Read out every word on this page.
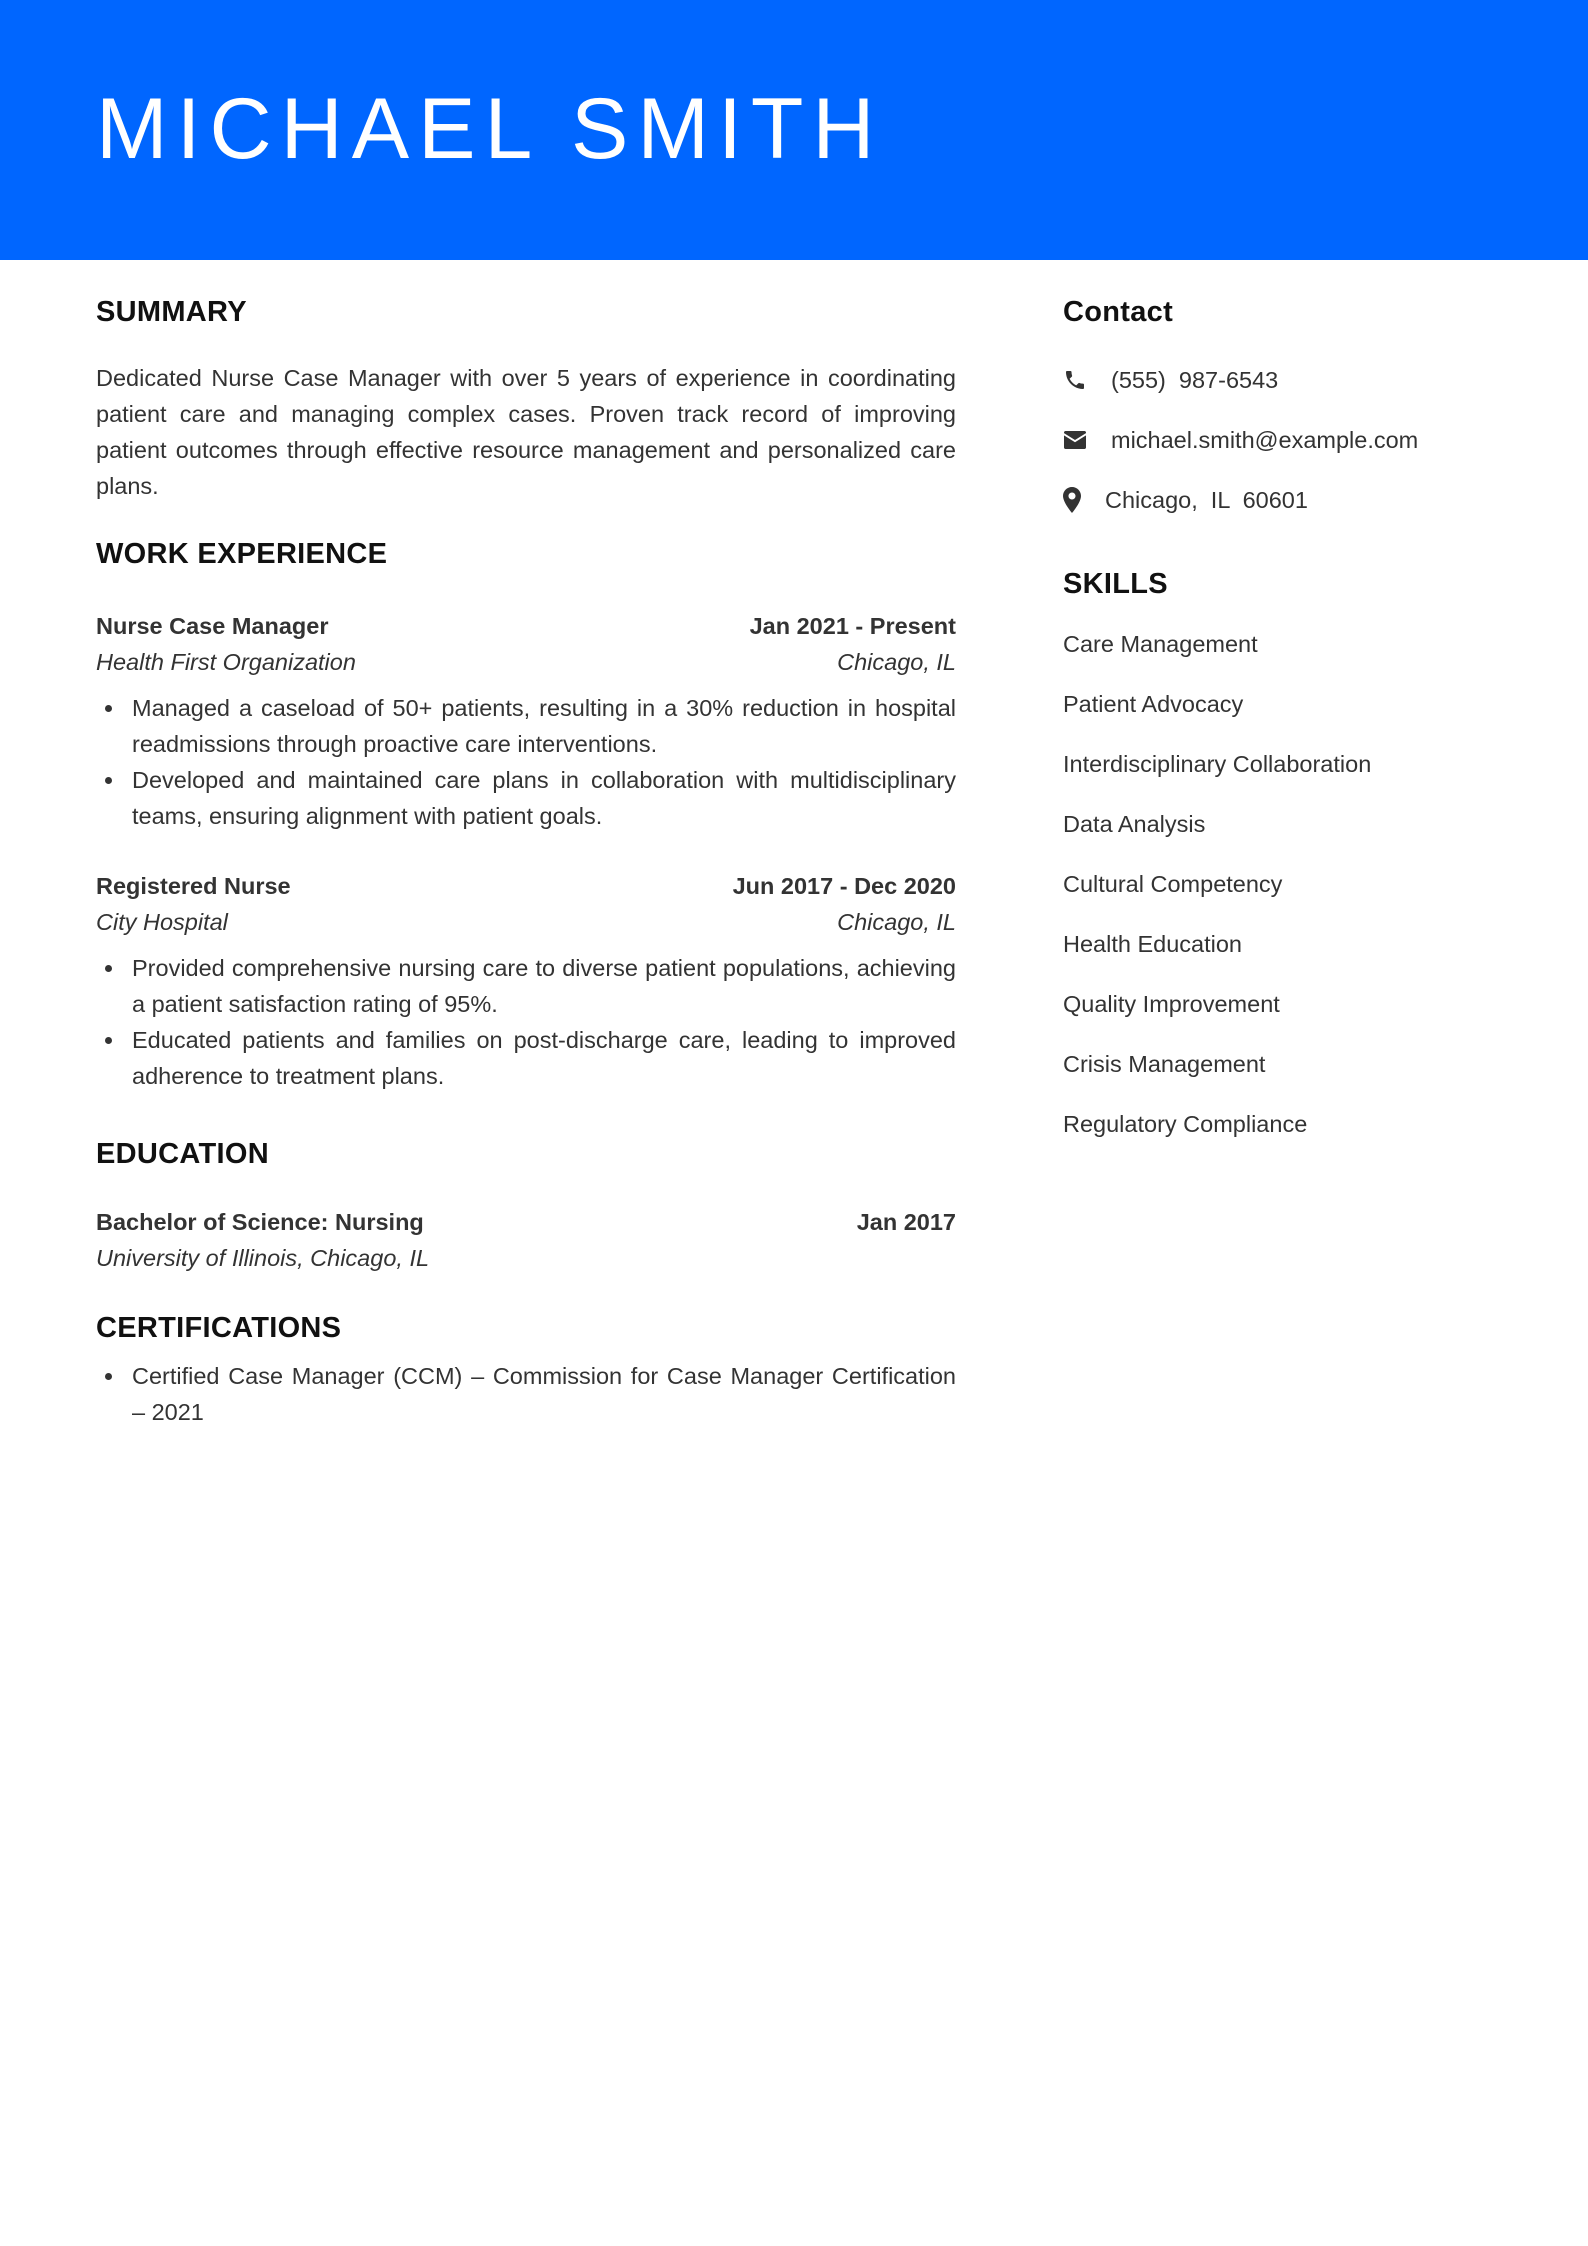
MICHAEL SMITH
SUMMARY

Dedicated Nurse Case Manager with over 5 years of experience in coordinating patient care and managing complex cases. Proven track record of improving patient outcomes through effective resource management and personalized care plans.

WORK EXPERIENCE
Nurse Case Manager	Jan 2021 - Present
Health First Organization	Chicago, IL
Managed a caseload of 50+ patients, resulting in a 30% reduction in hospital readmissions through proactive care interventions.
Developed and maintained care plans in collaboration with multidisciplinary teams, ensuring alignment with patient goals.
Registered Nurse	Jun 2017 - Dec 2020
City Hospital	Chicago, IL
Provided comprehensive nursing care to diverse patient populations, achieving a patient satisfaction rating of 95%.
Educated patients and families on post-discharge care, leading to improved adherence to treatment plans.
EDUCATION
Bachelor of Science: Nursing	Jan 2017
University of Illinois, Chicago, IL
CERTIFICATIONS
Certified Case Manager (CCM) – Commission for Case Manager Certification – 2021
Contact
(555)  987-6543
michael.smith@example.com
Chicago,  IL  60601
SKILLS
Care Management
Patient Advocacy
Interdisciplinary Collaboration
Data Analysis
Cultural Competency
Health Education
Quality Improvement
Crisis Management
Regulatory Compliance
